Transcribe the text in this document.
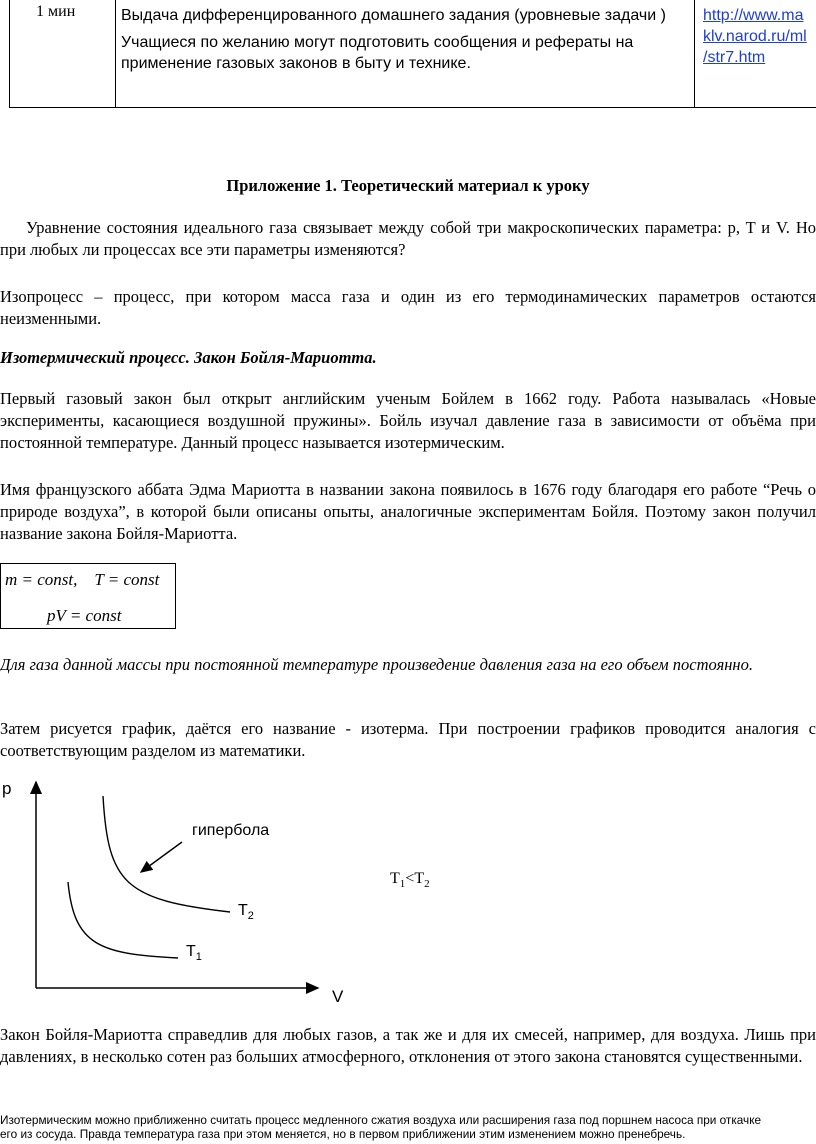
1 мин	Выдача дифференцированного домашнего задания (уровневые задачи )

Учащиеся по желанию могут подготовить сообщения и рефераты на применение газовых законов в быту и технике.

http://www.ma
klv.narod.ru/ml
/str7.htm
Приложение 1. Теоретический материал к уроку

Уравнение состояния идеального газа связывает между собой три макроскопических параметра: p, T и V. Но при любых ли процессах все эти параметры изменяются?

Изопроцесс – процесс, при котором масса газа и один из его термодинамических параметров остаются неизменными.

Изотермический процесс. Закон Бойля-Мариотта.

Первый газовый закон был открыт английским ученым Бойлем в 1662 году. Работа называлась «Новые эксперименты, касающиеся воздушной пружины». Бойль изучал давление газа в зависимости от объёма при постоянной температуре. Данный процесс называется изотермическим.

Имя французского аббата Эдма Мариотта в названии закона появилось в 1676 году благодаря его работе “Речь о природе воздуха”, в которой были описаны опыты, аналогичные экспериментам Бойля. Поэтому закон получил название закона Бойля-Мариотта.

m = const,    T = const
pV = const

Для газа данной массы при постоянной температуре произведение давления газа на его объем постоянно.

Затем рисуется график, даётся его название - изотерма. При построении графиков проводится аналогия с соответствующим разделом из математики.

p
V
гипербола
$T_2$
$T_1$
$T_1<T_2$

Закон Бойля-Мариотта справедлив для любых газов, а так же и для их смесей, например, для воздуха. Лишь при давлениях, в несколько сотен раз больших атмосферного, отклонения от этого закона становятся существенными.

Изотермическим можно приближенно считать процесс медленного сжатия воздуха или расширения газа под поршнем насоса при откачке
его из сосуда. Правда температура газа при этом меняется, но в первом приближении этим изменением можно пренебречь.
